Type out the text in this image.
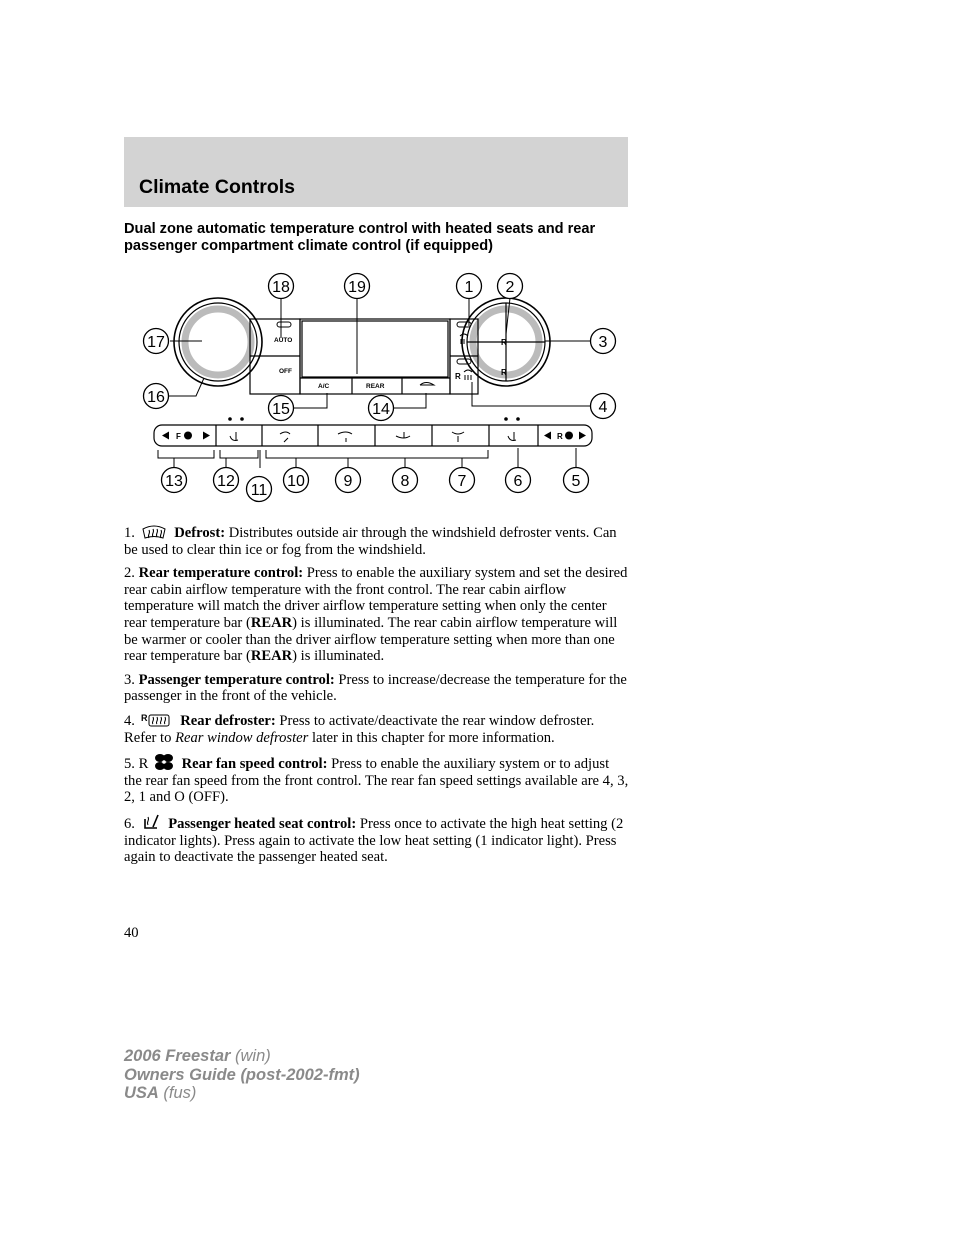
Climate Controls
Dual zone automatic temperature control with heated seats and rear passenger compartment climate control (if equipped)
AUTO
OFF
A/C	REAR
R
R
R
F	R
18	19	1 2
17	3
16
15	14	4
13 12
11
10 9	8	7	6	5

1.	Defrost: Distributes outside air through the windshield defroster vents. Can be used to clear thin ice or fog from the windshield.

2. Rear temperature control: Press to enable the auxiliary system and set the desired rear cabin airflow temperature with the front control. The rear cabin airflow temperature will match the driver airflow temperature setting when only the center rear temperature bar (REAR) is illuminated. The rear cabin airflow temperature will be warmer or cooler than the driver airflow temperature setting when more than one rear temperature bar (REAR) is illuminated.

3. Passenger temperature control: Press to increase/decrease the temperature for the passenger in the front of the vehicle.

4. R Rear defroster: Press to activate/deactivate the rear window defroster. Refer to Rear window defroster later in this chapter for more information.

5. R Rear fan speed control: Press to enable the auxiliary system or to adjust the rear fan speed from the front control. The rear fan speed settings available are 4, 3, 2, 1 and O (OFF).

6. Passenger heated seat control: Press once to activate the high heat setting (2 indicator lights). Press again to activate the low heat setting (1 indicator light). Press again to deactivate the passenger heated seat.

40
2006 Freestar (win)
Owners Guide (post-2002-fmt)
USA (fus)
